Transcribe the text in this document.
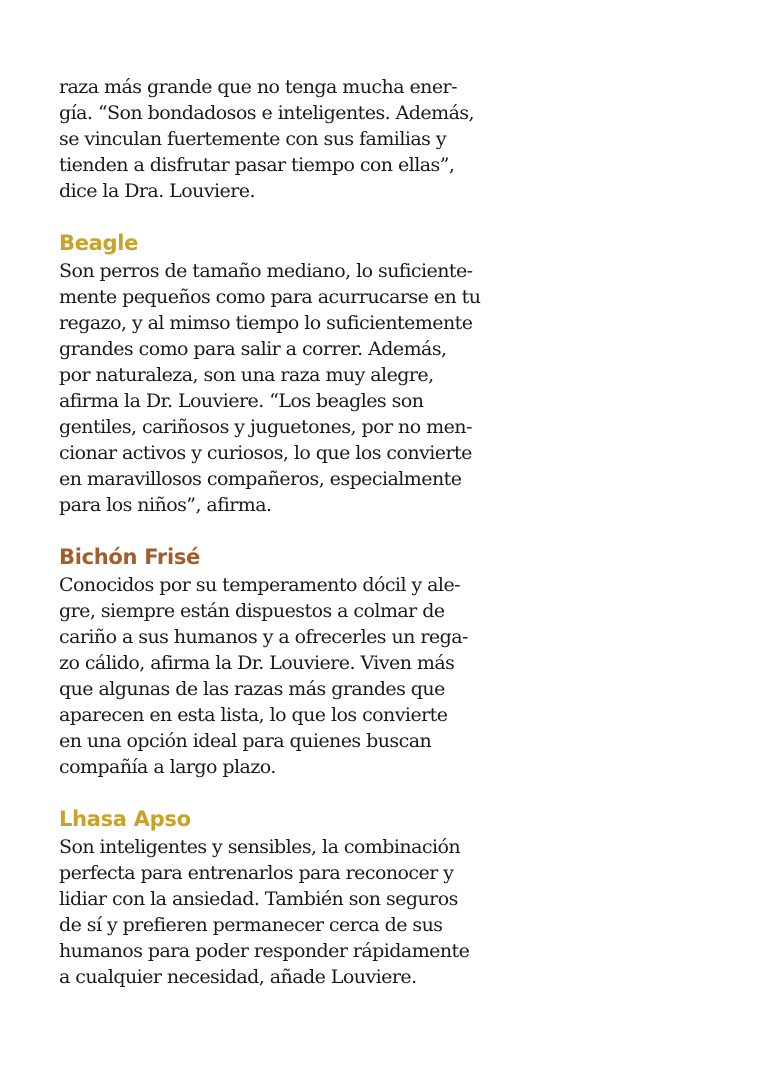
raza más grande que no tenga mucha ener-
gía. “Son bondadosos e inteligentes. Además,
se vinculan fuertemente con sus familias y
tienden a disfrutar pasar tiempo con ellas”,
dice la Dra. Louviere.
Beagle
Son perros de tamaño mediano, lo suficiente-
mente pequeños como para acurrucarse en tu
regazo, y al mimso tiempo lo suficientemente
grandes como para salir a correr. Además,
por naturaleza, son una raza muy alegre,
afirma la Dr. Louviere. “Los beagles son
gentiles, cariñosos y juguetones, por no men-
cionar activos y curiosos, lo que los convierte
en maravillosos compañeros, especialmente
para los niños”, afirma.
Bichón Frisé
Conocidos por su temperamento dócil y ale-
gre, siempre están dispuestos a colmar de
cariño a sus humanos y a ofrecerles un rega-
zo cálido, afirma la Dr. Louviere. Viven más
que algunas de las razas más grandes que
aparecen en esta lista, lo que los convierte
en una opción ideal para quienes buscan
compañía a largo plazo.
Lhasa Apso
Son inteligentes y sensibles, la combinación
perfecta para entrenarlos para reconocer y
lidiar con la ansiedad. También son seguros
de sí y prefieren permanecer cerca de sus
humanos para poder responder rápidamente
a cualquier necesidad, añade Louviere.
